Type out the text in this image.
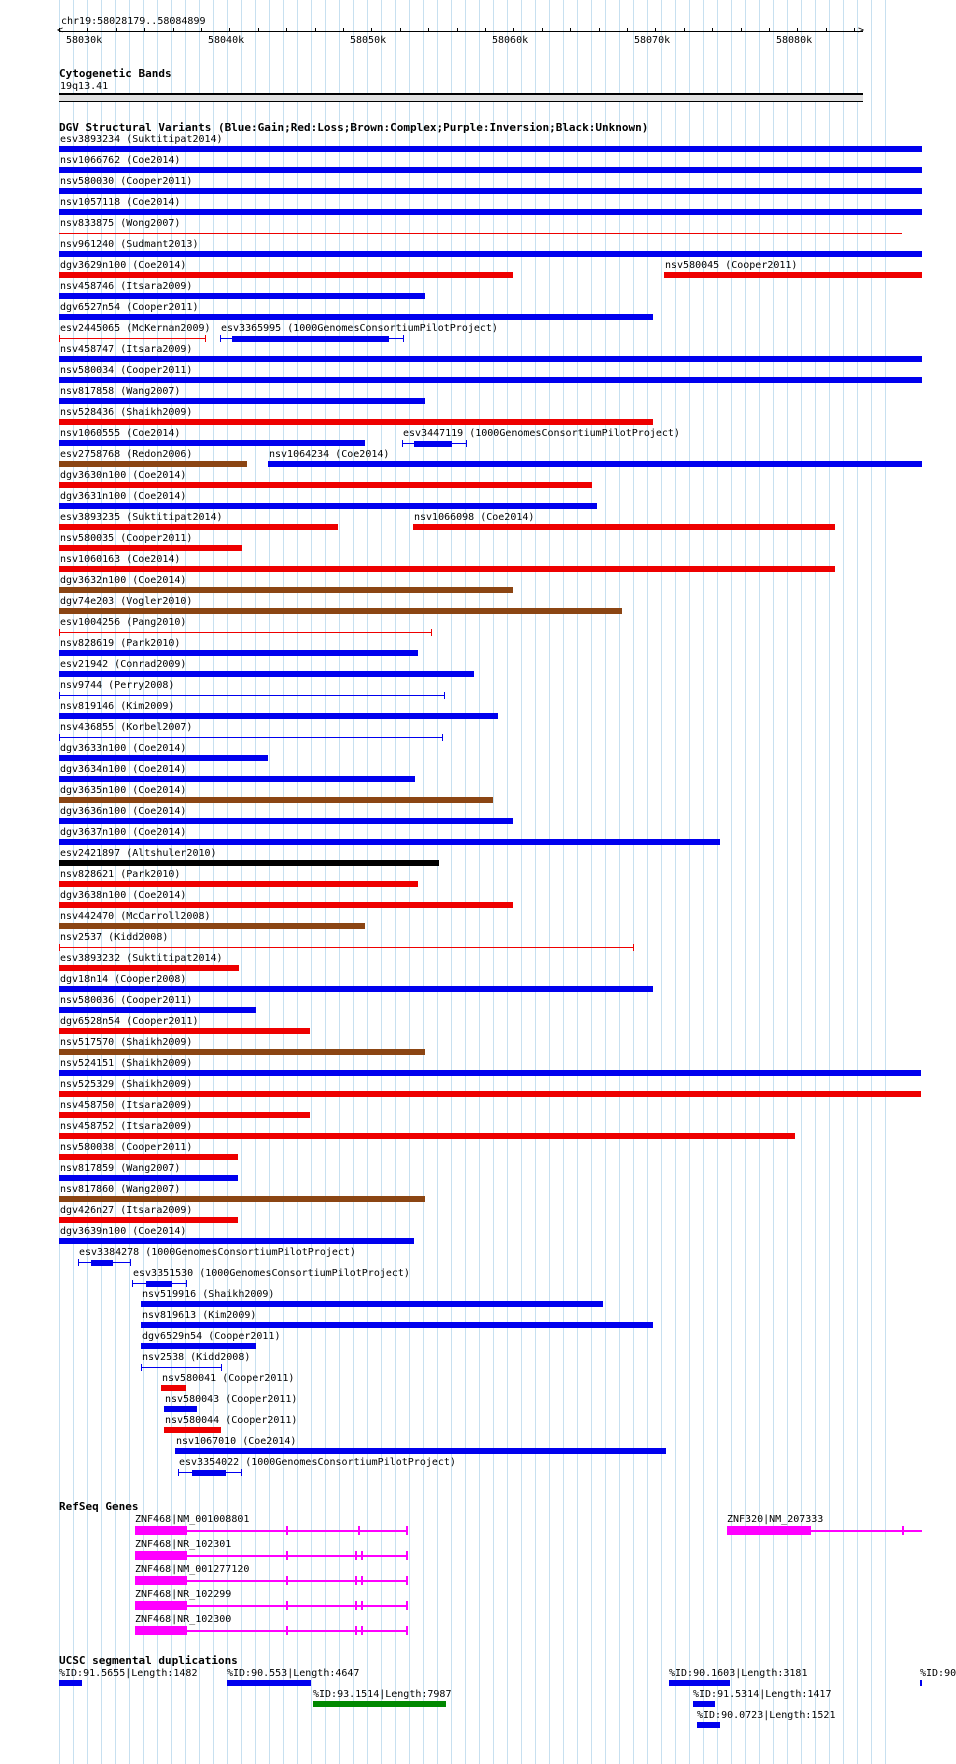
chr19:58028179..58084899
58030k	58040k	58050k	58060k	58070k	58080k
<	>
Cytogenetic Bands
19q13.41
DGV Structural Variants (Blue:Gain;Red:Loss;Brown:Complex;Purple:Inversion;Black:Unknown)
esv3893234 (Suktitipat2014)
nsv1066762 (Coe2014)
nsv580030 (Cooper2011)
nsv1057118 (Coe2014)
nsv833875 (Wong2007)
nsv961240 (Sudmant2013)
dgv3629n100 (Coe2014)	nsv580045 (Cooper2011)
nsv458746 (Itsara2009)
dgv6527n54 (Cooper2011)
esv2445065 (McKernan2009) esv3365995 (1000GenomesConsortiumPilotProject)
nsv458747 (Itsara2009)
nsv580034 (Cooper2011)
nsv817858 (Wang2007)
nsv528436 (Shaikh2009)
nsv1060555 (Coe2014)	esv3447119 (1000GenomesConsortiumPilotProject)
esv2758768 (Redon2006)	nsv1064234 (Coe2014)
dgv3630n100 (Coe2014)
dgv3631n100 (Coe2014)
esv3893235 (Suktitipat2014)	nsv1066098 (Coe2014)
nsv580035 (Cooper2011)
nsv1060163 (Coe2014)
dgv3632n100 (Coe2014)
dgv74e203 (Vogler2010)
esv1004256 (Pang2010)
nsv828619 (Park2010)
esv21942 (Conrad2009)
nsv9744 (Perry2008)
nsv819146 (Kim2009)
nsv436855 (Korbel2007)
dgv3633n100 (Coe2014)
dgv3634n100 (Coe2014)
dgv3635n100 (Coe2014)
dgv3636n100 (Coe2014)
dgv3637n100 (Coe2014)
esv2421897 (Altshuler2010)
nsv828621 (Park2010)
dgv3638n100 (Coe2014)
nsv442470 (McCarroll2008)
nsv2537 (Kidd2008)
esv3893232 (Suktitipat2014)
dgv18n14 (Cooper2008)
nsv580036 (Cooper2011)
dgv6528n54 (Cooper2011)
nsv517570 (Shaikh2009)
nsv524151 (Shaikh2009)
nsv525329 (Shaikh2009)
nsv458750 (Itsara2009)
nsv458752 (Itsara2009)
nsv580038 (Cooper2011)
nsv817859 (Wang2007)
nsv817860 (Wang2007)
dgv426n27 (Itsara2009)
dgv3639n100 (Coe2014)
esv3384278 (1000GenomesConsortiumPilotProject)
esv3351530 (1000GenomesConsortiumPilotProject)
nsv519916 (Shaikh2009)
nsv819613 (Kim2009)
dgv6529n54 (Cooper2011)
nsv2538 (Kidd2008)
nsv580041 (Cooper2011)
nsv580043 (Cooper2011)
nsv580044 (Cooper2011)
nsv1067010 (Coe2014)
esv3354022 (1000GenomesConsortiumPilotProject)
RefSeq Genes
ZNF468|NM_001008801
ZNF468|NR_102301
ZNF468|NM_001277120
ZNF468|NR_102299
ZNF468|NR_102300
ZNF320|NM_207333
UCSC segmental duplications
%ID:91.5655|Length:1482	%ID:90.553|Length:4647	%ID:90.1603|Length:3181	%ID:90
%ID:93.1514|Length:7987	%ID:91.5314|Length:1417
%ID:90.0723|Length:1521
